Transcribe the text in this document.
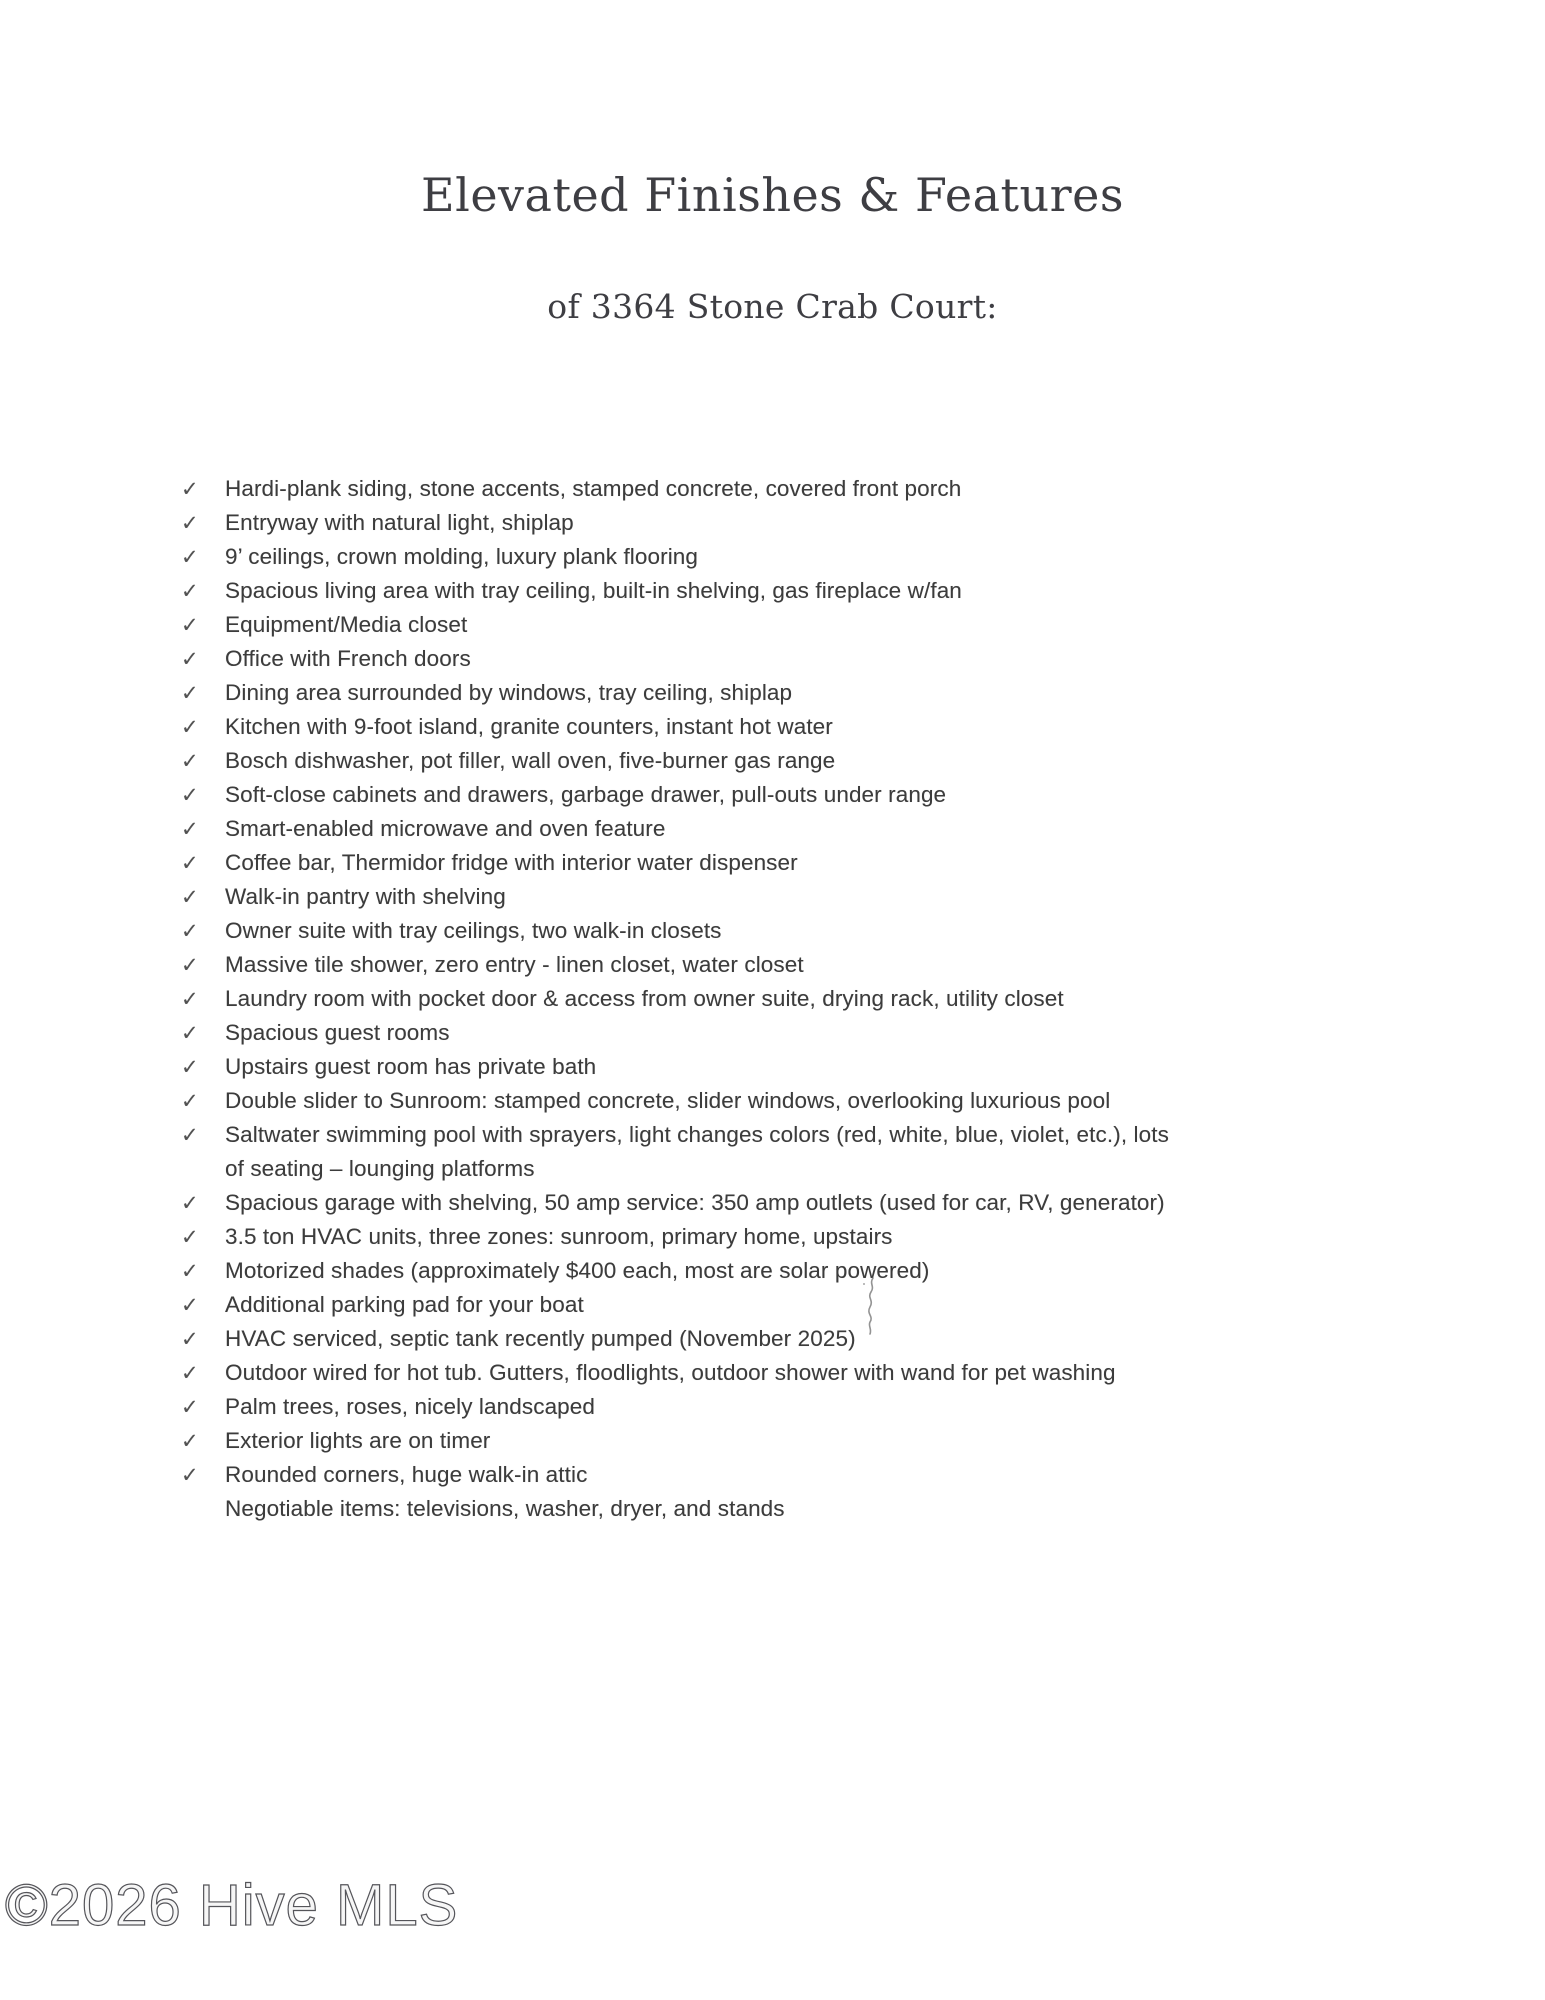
Elevated Finishes & Features
of 3364 Stone Crab Court:
✓ Hardi-plank siding, stone accents, stamped concrete, covered front porch
✓ Entryway with natural light, shiplap
✓ 9’ ceilings, crown molding, luxury plank flooring
✓ Spacious living area with tray ceiling, built-in shelving, gas fireplace w/fan
✓ Equipment/Media closet
✓ Office with French doors
✓ Dining area surrounded by windows, tray ceiling, shiplap
✓ Kitchen with 9-foot island, granite counters, instant hot water
✓ Bosch dishwasher, pot filler, wall oven, five-burner gas range
✓ Soft-close cabinets and drawers, garbage drawer, pull-outs under range
✓ Smart-enabled microwave and oven feature
✓ Coffee bar, Thermidor fridge with interior water dispenser
✓ Walk-in pantry with shelving
✓ Owner suite with tray ceilings, two walk-in closets
✓ Massive tile shower, zero entry - linen closet, water closet
✓ Laundry room with pocket door & access from owner suite, drying rack, utility closet
✓ Spacious guest rooms
✓ Upstairs guest room has private bath
✓ Double slider to Sunroom: stamped concrete, slider windows, overlooking luxurious pool
✓ Saltwater swimming pool with sprayers, light changes colors (red, white, blue, violet, etc.), lots
of seating – lounging platforms
✓ Spacious garage with shelving, 50 amp service: 350 amp outlets (used for car, RV, generator)
✓ 3.5 ton HVAC units, three zones: sunroom, primary home, upstairs
✓ Motorized shades (approximately $400 each, most are solar powered)
✓ Additional parking pad for your boat
✓ HVAC serviced, septic tank recently pumped (November 2025)
✓ Outdoor wired for hot tub. Gutters, floodlights, outdoor shower with wand for pet washing
✓ Palm trees, roses, nicely landscaped
✓ Exterior lights are on timer
✓ Rounded corners, huge walk-in attic
Negotiable items: televisions, washer, dryer, and stands
©2026 Hive MLS
